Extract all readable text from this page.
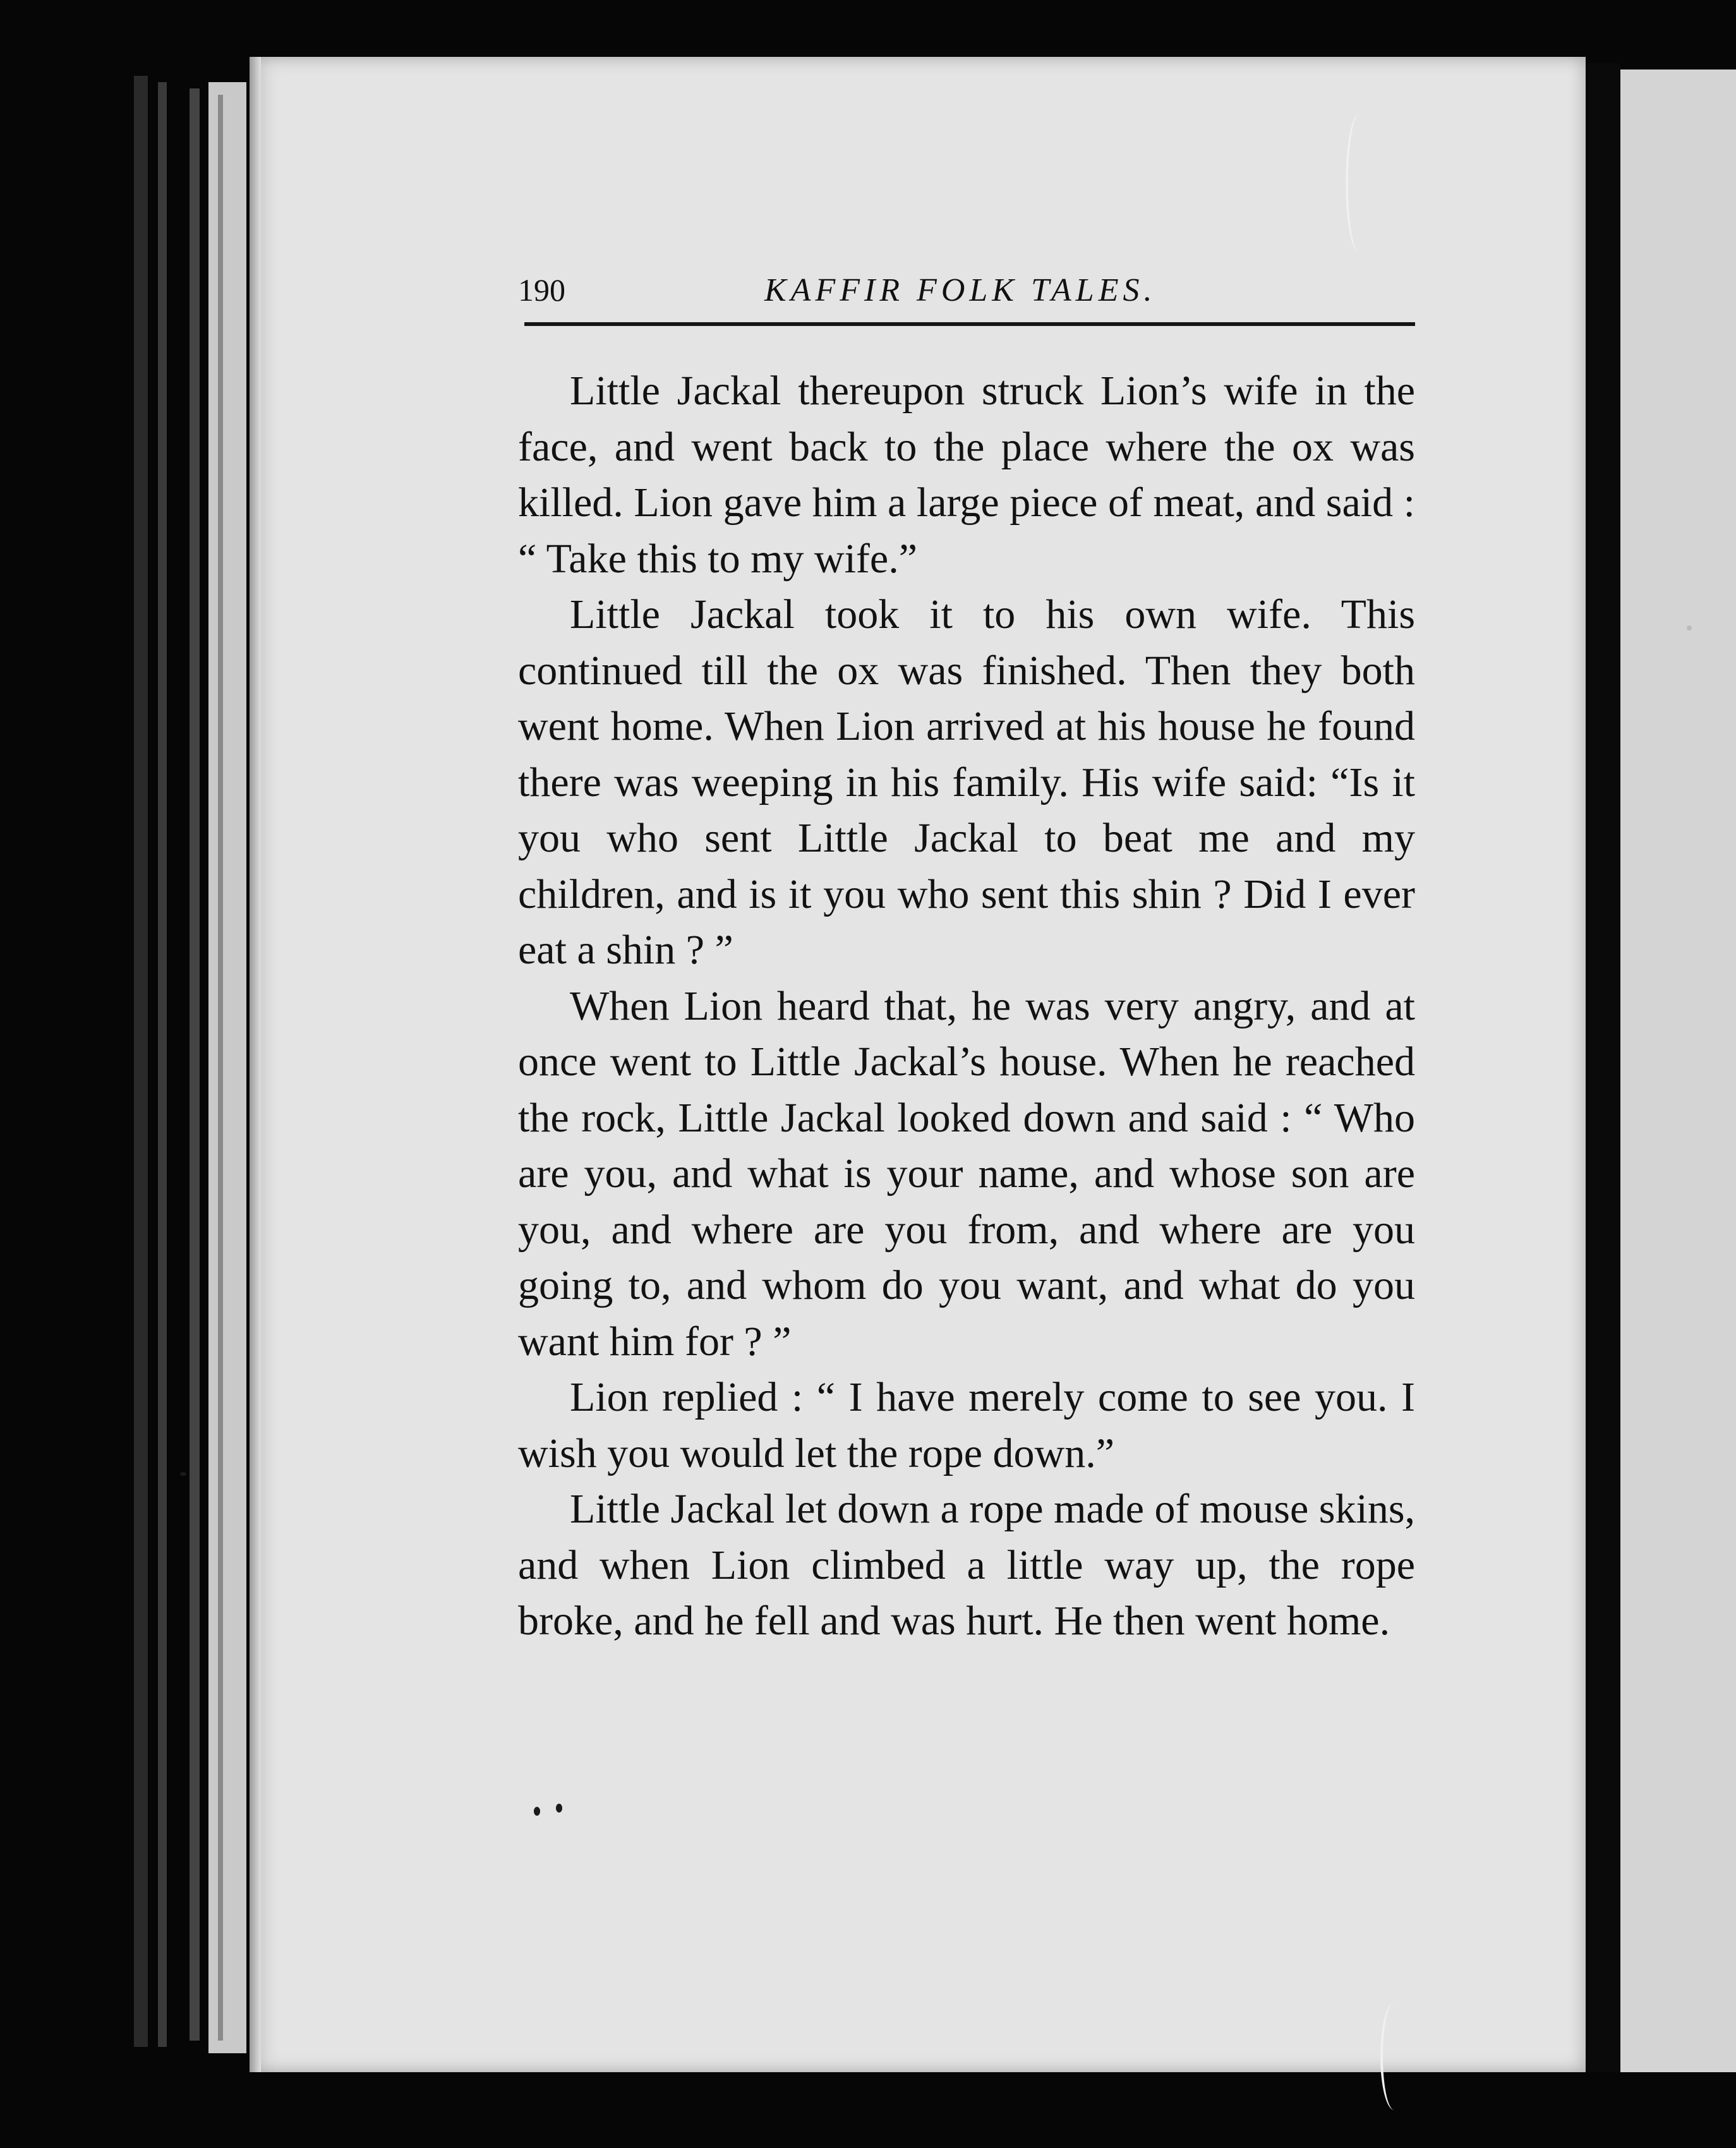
190	KAFFIR FOLK TALES.

Little Jackal thereupon struck Lion’s wife in the face, and went back to the place where the ox was killed. Lion gave him a large piece of meat, and said : “ Take this to my wife.”

Little Jackal took it to his own wife. This continued till the ox was finished. Then they both went home. When Lion arrived at his house he found there was weeping in his family. His wife said: “Is it you who sent Little Jackal to beat me and my children, and is it you who sent this shin ? Did I ever eat a shin ? ”

When Lion heard that, he was very angry, and at once went to Little Jackal’s house. When he reached the rock, Little Jackal looked down and said : “ Who are you, and what is your name, and whose son are you, and where are you from, and where are you going to, and whom do you want, and what do you want him for ? ”

Lion replied : “ I have merely come to see you. I wish you would let the rope down.”

Little Jackal let down a rope made of mouse skins, and when Lion climbed a little way up, the rope broke, and he fell and was hurt. He then went home.
